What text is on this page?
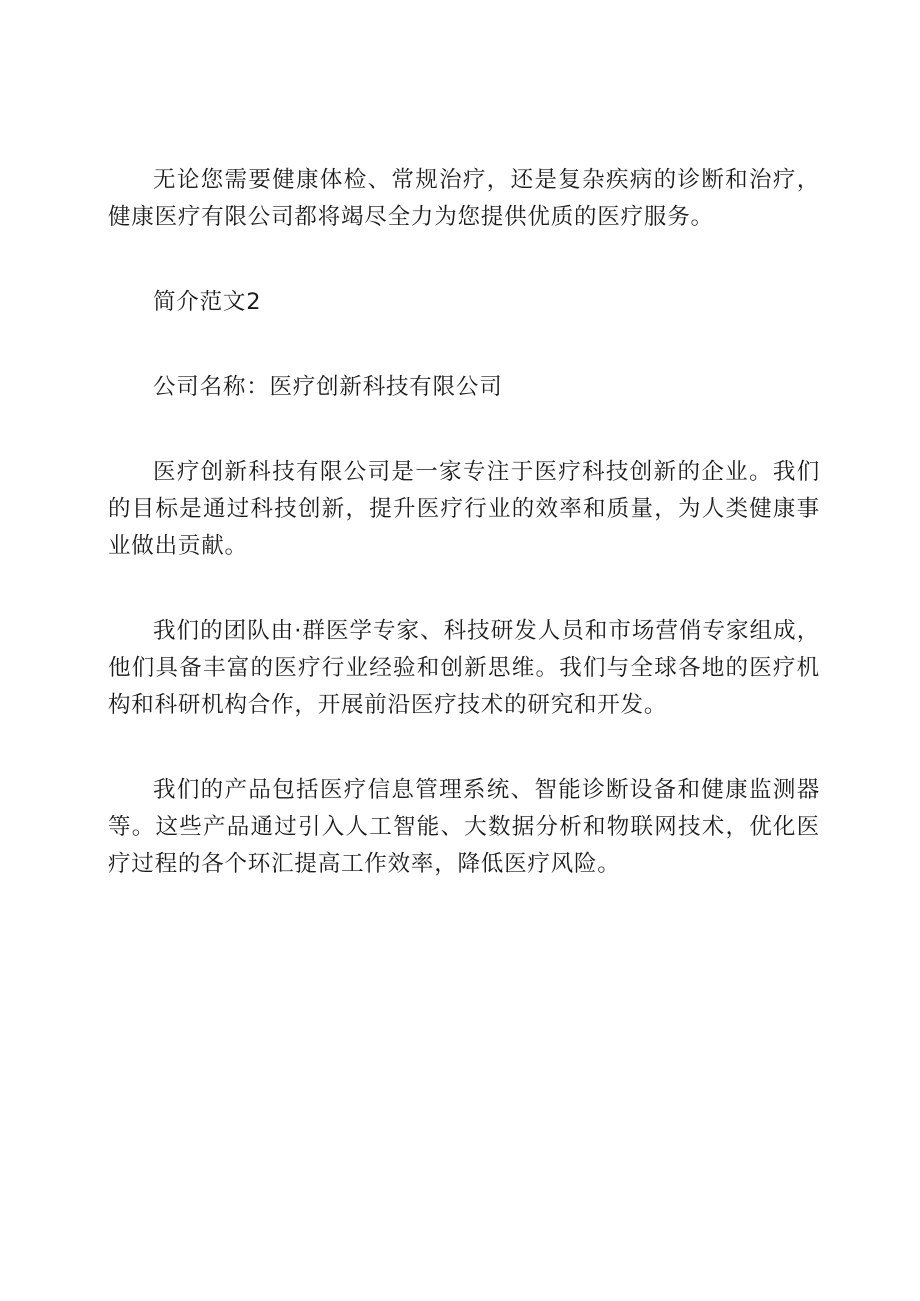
无论您需要健康体检、常规治疗，还是复杂疾病的诊断和治疗，健康医疗有限公司都将竭尽全力为您提供优质的医疗服务。

简介范文2

公司名称：医疗创新科技有限公司

医疗创新科技有限公司是一家专注于医疗科技创新的企业。我们的目标是通过科技创新，提升医疗行业的效率和质量，为人类健康事业做出贡献。

我们的团队由·群医学专家、科技研发人员和市场营俏专家组成，他们具备丰富的医疗行业经验和创新思维。我们与全球各地的医疗机构和科研机构合作，开展前沿医疗技术的研究和开发。

我们的产品包括医疗信息管理系统、智能诊断设备和健康监测器等。这些产品通过引入人工智能、大数据分析和物联网技术，优化医疗过程的各个环汇提高工作效率，降低医疗风险。
